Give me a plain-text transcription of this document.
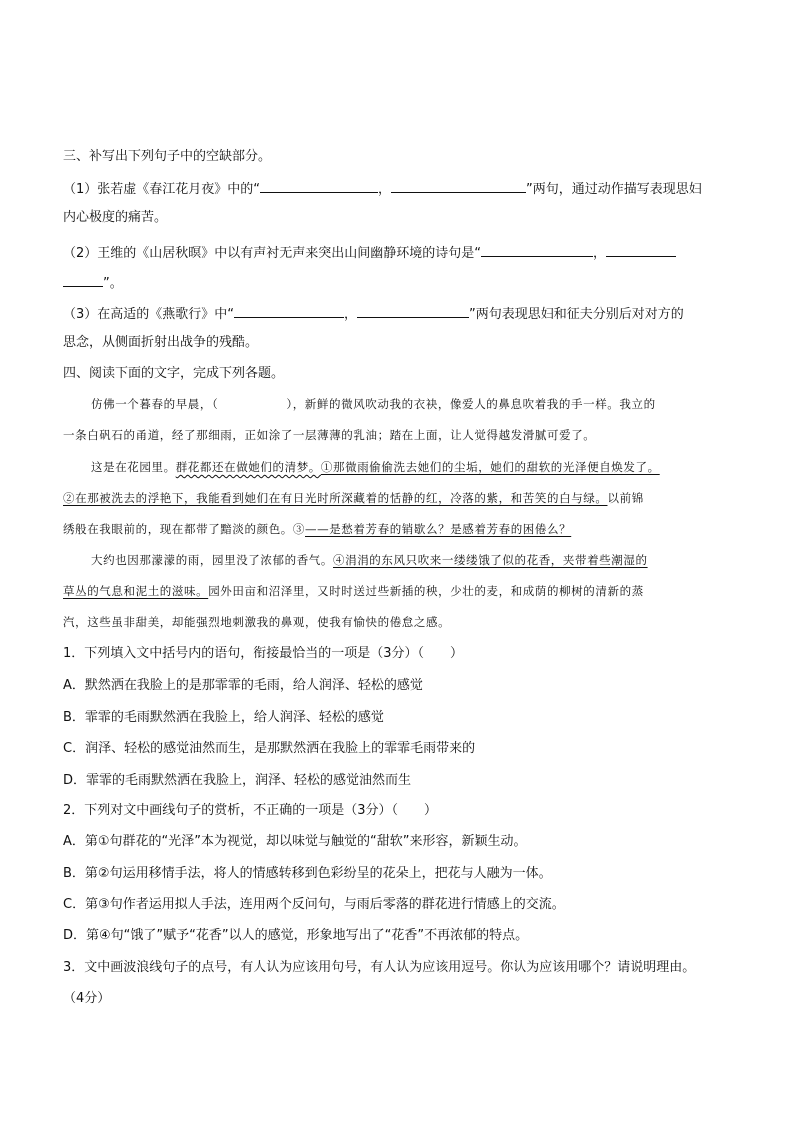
三、补写出下列句子中的空缺部分。
（1）张若虚《春江花月夜》中的“	，	”两句，通过动作描写表现思妇
内心极度的痛苦。
（2）王维的《山居秋暝》中以有声衬无声来突出山间幽静环境的诗句是“	，
”。
（3）在高适的《燕歌行》中“	，	”两句表现思妇和征夫分别后对对方的
思念，从侧面折射出战争的残酷。
四、阅读下面的文字，完成下列各题。
仿佛一个暮春的早晨，（	），新鲜的微风吹动我的衣袂，像爱人的鼻息吹着我的手一样。我立的
一条白矾石的甬道，经了那细雨，正如涂了一层薄薄的乳油；踏在上面，让人觉得越发滑腻可爱了。
这是在花园里。群花都还在做她们的清梦。①那微雨偷偷洗去她们的尘垢，她们的甜软的光泽便自焕发了。
②在那被洗去的浮艳下，我能看到她们在有日光时所深藏着的恬静的红，冷落的紫，和苦笑的白与绿。以前锦
绣般在我眼前的，现在都带了黯淡的颜色。③——是愁着芳春的销歇么？是感着芳春的困倦么？
大约也因那濛濛的雨，园里没了浓郁的香气。④涓涓的东风只吹来一缕缕饿了似的花香，夹带着些潮湿的
草丛的气息和泥土的滋味。园外田亩和沼泽里，又时时送过些新插的秧，少壮的麦，和成荫的柳树的清新的蒸
汽，这些虽非甜美，却能强烈地刺激我的鼻观，使我有愉快的倦怠之感。
1．下列填入文中括号内的语句，衔接最恰当的一项是（3分）（　　）
A．默然洒在我脸上的是那霏霏的毛雨，给人润泽、轻松的感觉
B．霏霏的毛雨默然洒在我脸上，给人润泽、轻松的感觉
C．润泽、轻松的感觉油然而生，是那默然洒在我脸上的霏霏毛雨带来的
D．霏霏的毛雨默然洒在我脸上，润泽、轻松的感觉油然而生
2．下列对文中画线句子的赏析，不正确的一项是（3分）（　　）
A．第①句群花的“光泽”本为视觉，却以味觉与触觉的“甜软”来形容，新颖生动。
B．第②句运用移情手法，将人的情感转移到色彩纷呈的花朵上，把花与人融为一体。
C．第③句作者运用拟人手法，连用两个反问句，与雨后零落的群花进行情感上的交流。
D．第④句“饿了”赋予“花香”以人的感觉，形象地写出了“花香”不再浓郁的特点。
3．文中画波浪线句子的点号，有人认为应该用句号，有人认为应该用逗号。你认为应该用哪个？请说明理由。
（4分）
